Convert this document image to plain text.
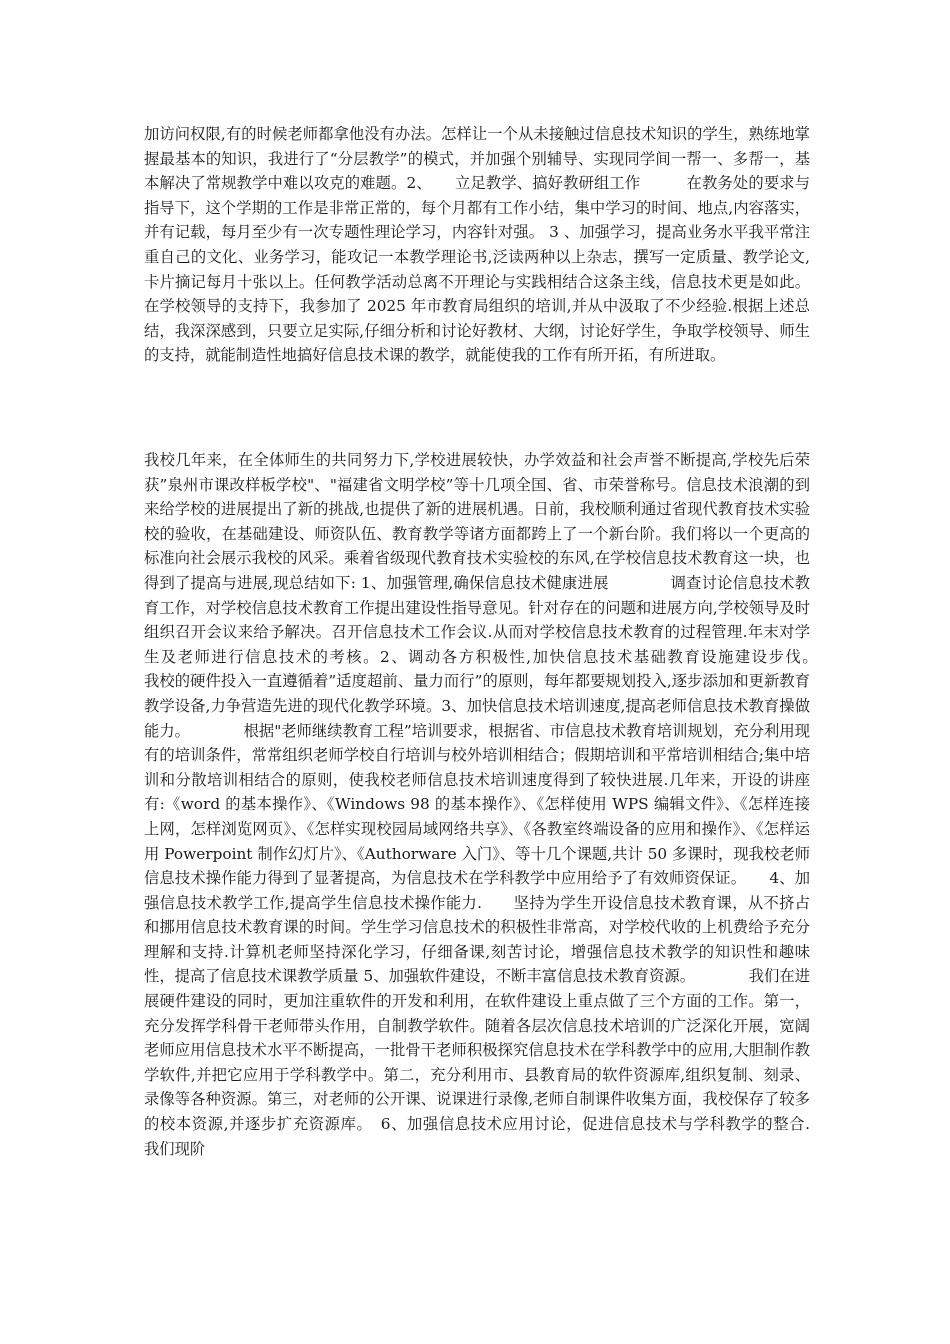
加访问权限,有的时候老师都拿他没有办法。怎样让一个从未接触过信息技术知识的学生，熟练地掌握最基本的知识，我进行了“分层教学”的模式，并加强个别辅导、实现同学间一帮一、多帮一，基本解决了常规教学中难以攻克的难题。2、　　立足教学、搞好教研组工作　　　在教务处的要求与指导下，这个学期的工作是非常正常的，每个月都有工作小结，集中学习的时间、地点,内容落实，并有记载，每月至少有一次专题性理论学习，内容针对强。 3 、加强学习，提高业务水平我平常注重自己的文化、业务学习，能攻记一本教学理论书,泛读两种以上杂志，撰写一定质量、教学论文,卡片摘记每月十张以上。任何教学活动总离不开理论与实践相结合这条主线，信息技术更是如此。在学校领导的支持下，我参加了 2025 年市教育局组织的培训,并从中汲取了不少经验.根据上述总结，我深深感到，只要立足实际,仔细分析和讨论好教材、大纲，讨论好学生，争取学校领导、师生的支持，就能制造性地搞好信息技术课的教学，就能使我的工作有所开拓，有所进取。

我校几年来，在全体师生的共同努力下,学校进展较快，办学效益和社会声誉不断提高,学校先后荣获”泉州市课改样板学校"、"福建省文明学校”等十几项全国、省、市荣誉称号。信息技术浪潮的到来给学校的进展提出了新的挑战,也提供了新的进展机遇。日前，我校顺利通过省现代教育技术实验校的验收，在基础建设、师资队伍、教育教学等诸方面都跨上了一个新台阶。我们将以一个更高的标准向社会展示我校的风采。乘着省级现代教育技术实验校的东风,在学校信息技术教育这一块，也得到了提高与进展,现总结如下: 1、加强管理,确保信息技术健康进展　　　　调查讨论信息技术教育工作，对学校信息技术教育工作提出建设性指导意见。针对存在的问题和进展方向,学校领导及时组织召开会议来给予解决。召开信息技术工作会议.从而对学校信息技术教育的过程管理.年末对学生及老师进行信息技术的考核。2、调动各方积极性,加快信息技术基础教育设施建设步伐。　　　　我校的硬件投入一直遵循着”适度超前、量力而行”的原则，每年都要规划投入,逐步添加和更新教育教学设备,力争营造先进的现代化教学环境。3、加快信息技术培训速度,提高老师信息技术教育操做能力。　　　　根据"老师继续教育工程”培训要求，根据省、市信息技术教育培训规划，充分利用现有的培训条件，常常组织老师学校自行培训与校外培训相结合；假期培训和平常培训相结合;集中培训和分散培训相结合的原则，使我校老师信息技术培训速度得到了较快进展.几年来，开设的讲座有:《word 的基本操作》、《Windows 98 的基本操作》、《怎样使用 WPS 编辑文件》、《怎样连接上网，怎样浏览网页》、《怎样实现校园局域网络共享》、《各教室终端设备的应用和操作》、《怎样运用 Powerpoint 制作幻灯片》、《Authorware 入门》、等十几个课题,共计 50 多课时，现我校老师信息技术操作能力得到了显著提高，为信息技术在学科教学中应用给予了有效师资保证。　　4、加强信息技术教学工作,提高学生信息技术操作能力.　　坚持为学生开设信息技术教育课，从不挤占和挪用信息技术教育课的时间。学生学习信息技术的积极性非常高，对学校代收的上机费给予充分理解和支持.计算机老师坚持深化学习，仔细备课,刻苦讨论，增强信息技术教学的知识性和趣味性，提高了信息技术课教学质量 5、加强软件建设，不断丰富信息技术教育资源。　　　　我们在进展硬件建设的同时，更加注重软件的开发和利用，在软件建设上重点做了三个方面的工作。第一，充分发挥学科骨干老师带头作用，自制教学软件。随着各层次信息技术培训的广泛深化开展，宽阔老师应用信息技术水平不断提高，一批骨干老师积极探究信息技术在学科教学中的应用,大胆制作教学软件,并把它应用于学科教学中。第二，充分利用市、县教育局的软件资源库,组织复制、刻录、录像等各种资源。第三，对老师的公开课、说课进行录像,老师自制课件收集方面，我校保存了较多的校本资源,并逐步扩充资源库。　6、加强信息技术应用讨论，促进信息技术与学科教学的整合.　　　我们现阶
